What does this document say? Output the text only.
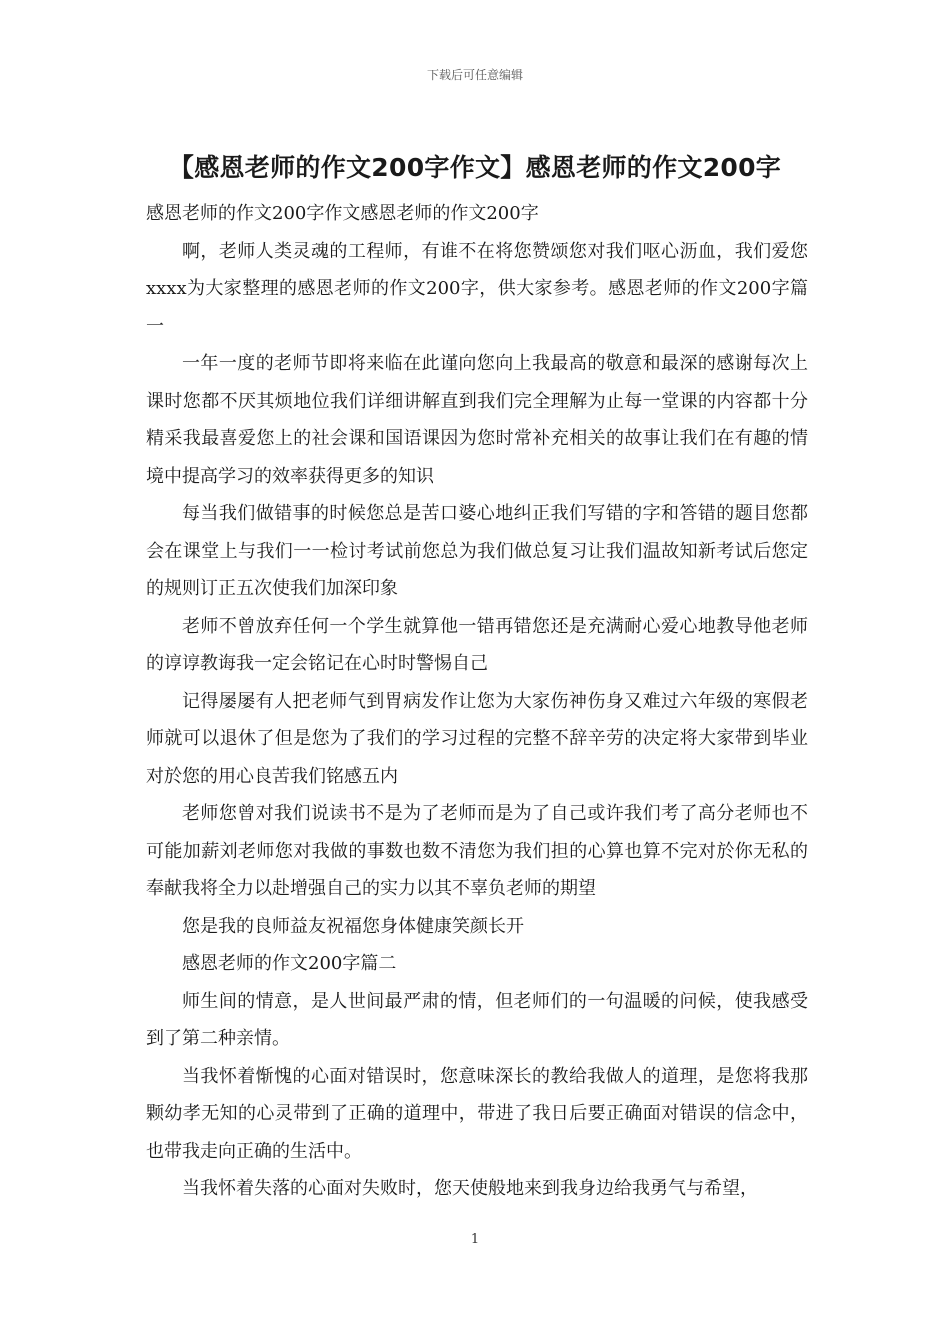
下载后可任意编辑
【感恩老师的作文200字作文】感恩老师的作文200字

感恩老师的作文200字作文感恩老师的作文200字

啊，老师人类灵魂的工程师，有谁不在将您赞颂您对我们呕心沥血，我们爱您xxxx为大家整理的感恩老师的作文200字，供大家参考。感恩老师的作文200字篇一

一年一度的老师节即将来临在此谨向您向上我最高的敬意和最深的感谢每次上课时您都不厌其烦地位我们详细讲解直到我们完全理解为止每一堂课的内容都十分精采我最喜爱您上的社会课和国语课因为您时常补充相关的故事让我们在有趣的情境中提高学习的效率获得更多的知识

每当我们做错事的时候您总是苦口婆心地纠正我们写错的字和答错的题目您都会在课堂上与我们一一检讨考试前您总为我们做总复习让我们温故知新考试后您定的规则订正五次使我们加深印象

老师不曾放弃任何一个学生就算他一错再错您还是充满耐心爱心地教导他老师的谆谆教诲我一定会铭记在心时时警惕自己

记得屡屡有人把老师气到胃病发作让您为大家伤神伤身又难过六年级的寒假老师就可以退休了但是您为了我们的学习过程的完整不辞辛劳的决定将大家带到毕业对於您的用心良苦我们铭感五内

老师您曾对我们说读书不是为了老师而是为了自己或许我们考了高分老师也不可能加薪刘老师您对我做的事数也数不清您为我们担的心算也算不完对於你无私的奉献我将全力以赴增强自己的实力以其不辜负老师的期望

您是我的良师益友祝福您身体健康笑颜长开

感恩老师的作文200字篇二

师生间的情意，是人世间最严肃的情，但老师们的一句温暖的问候，使我感受到了第二种亲情。

当我怀着惭愧的心面对错误时，您意味深长的教给我做人的道理，是您将我那颗幼孝无知的心灵带到了正确的道理中，带进了我日后要正确面对错误的信念中，也带我走向正确的生活中。

当我怀着失落的心面对失败时，您天使般地来到我身边给我勇气与希望，

1
